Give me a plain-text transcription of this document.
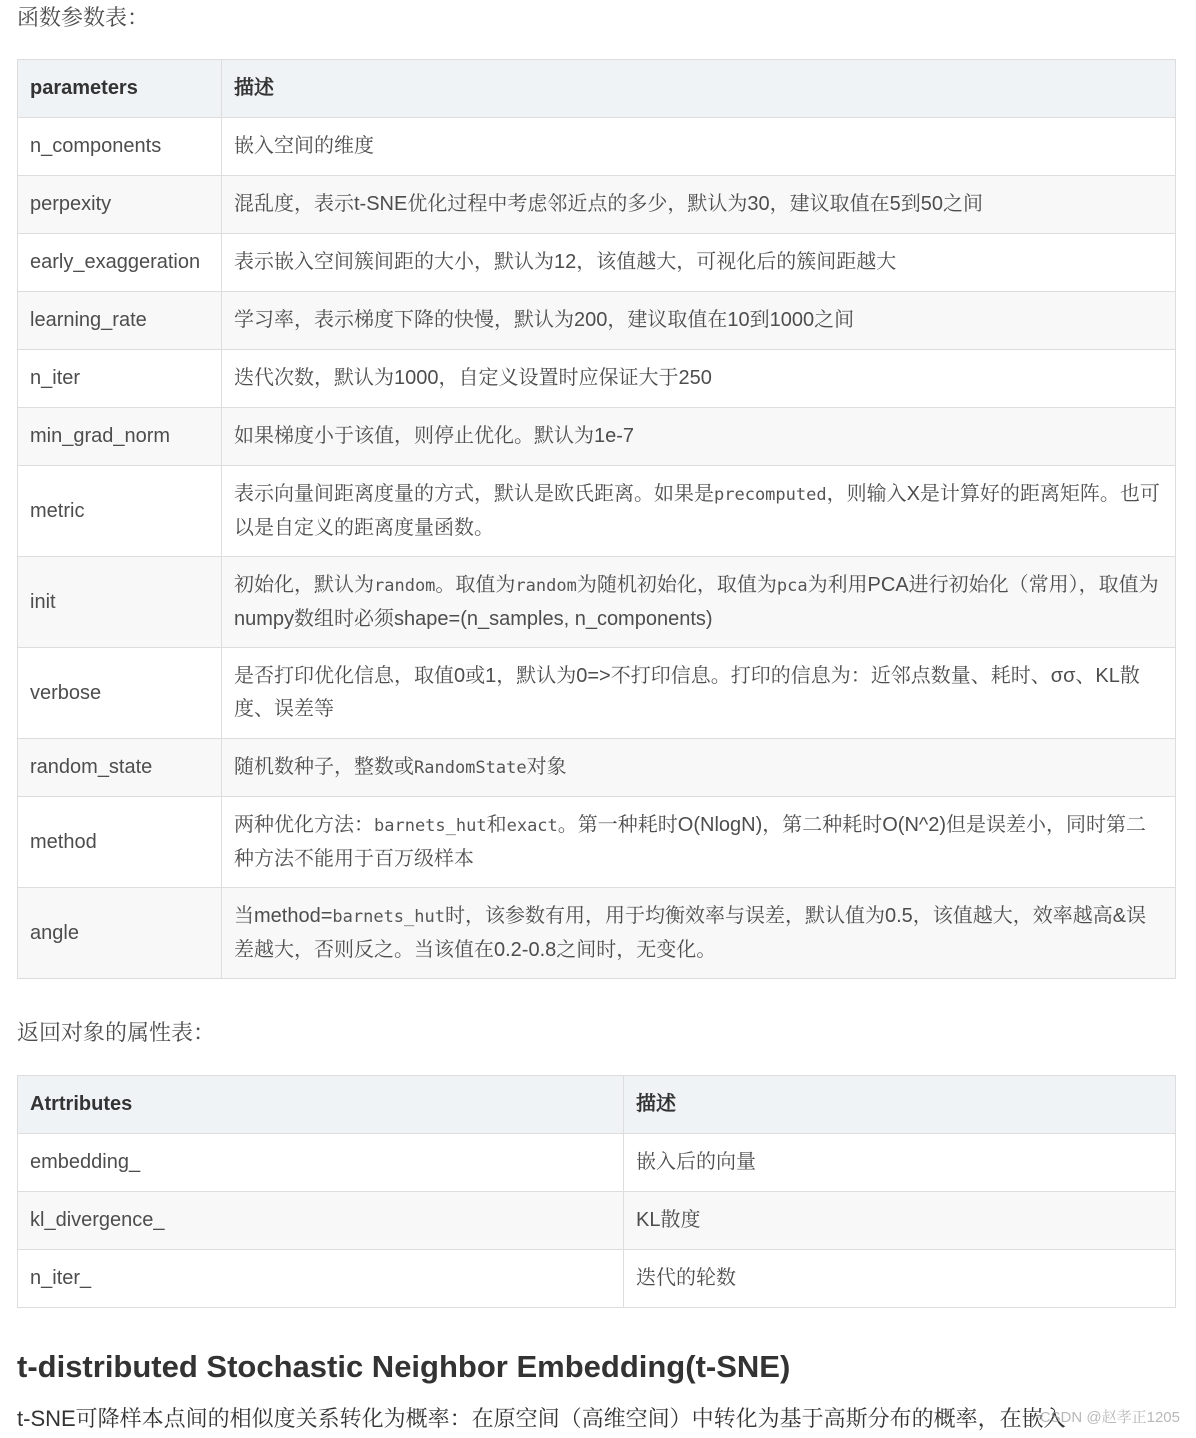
函数参数表：
parameters	描述
n_components	嵌入空间的维度
perpexity	混乱度，表示t-SNE优化过程中考虑邻近点的多少，默认为30，建议取值在5到50之间
early_exaggeration	表示嵌入空间簇间距的大小，默认为12，该值越大，可视化后的簇间距越大
learning_rate	学习率，表示梯度下降的快慢，默认为200，建议取值在10到1000之间
n_iter	迭代次数，默认为1000，自定义设置时应保证大于250
min_grad_norm	如果梯度小于该值，则停止优化。默认为1e-7
metric	表示向量间距离度量的方式，默认是欧氏距离。如果是precomputed，则输入X是计算好的距离矩阵。也可以是自定义的距离度量函数。
init	初始化，默认为random。取值为random为随机初始化，取值为pca为利用PCA进行初始化（常用），取值为numpy数组时必须shape=(n_samples, n_components)
verbose	是否打印优化信息，取值0或1，默认为0=>不打印信息。打印的信息为：近邻点数量、耗时、σσ、KL散度、误差等
random_state	随机数种子，整数或RandomState对象
method	两种优化方法：barnets_hut和exact。第一种耗时O(NlogN)，第二种耗时O(N^2)但是误差小，同时第二种方法不能用于百万级样本
angle	当method=barnets_hut时，该参数有用，用于均衡效率与误差，默认值为0.5，该值越大，效率越高&误差越大，否则反之。当该值在0.2-0.8之间时，无变化。
返回对象的属性表：
Atrtributes	描述
embedding_	嵌入后的向量
kl_divergence_	KL散度
n_iter_	迭代的轮数
t-distributed Stochastic Neighbor Embedding(t-SNE)

t-SNE可降样本点间的相似度关系转化为概率：在原空间（高维空间）中转化为基于高斯分布的概率，在嵌入

CSDN @赵孝正1205
